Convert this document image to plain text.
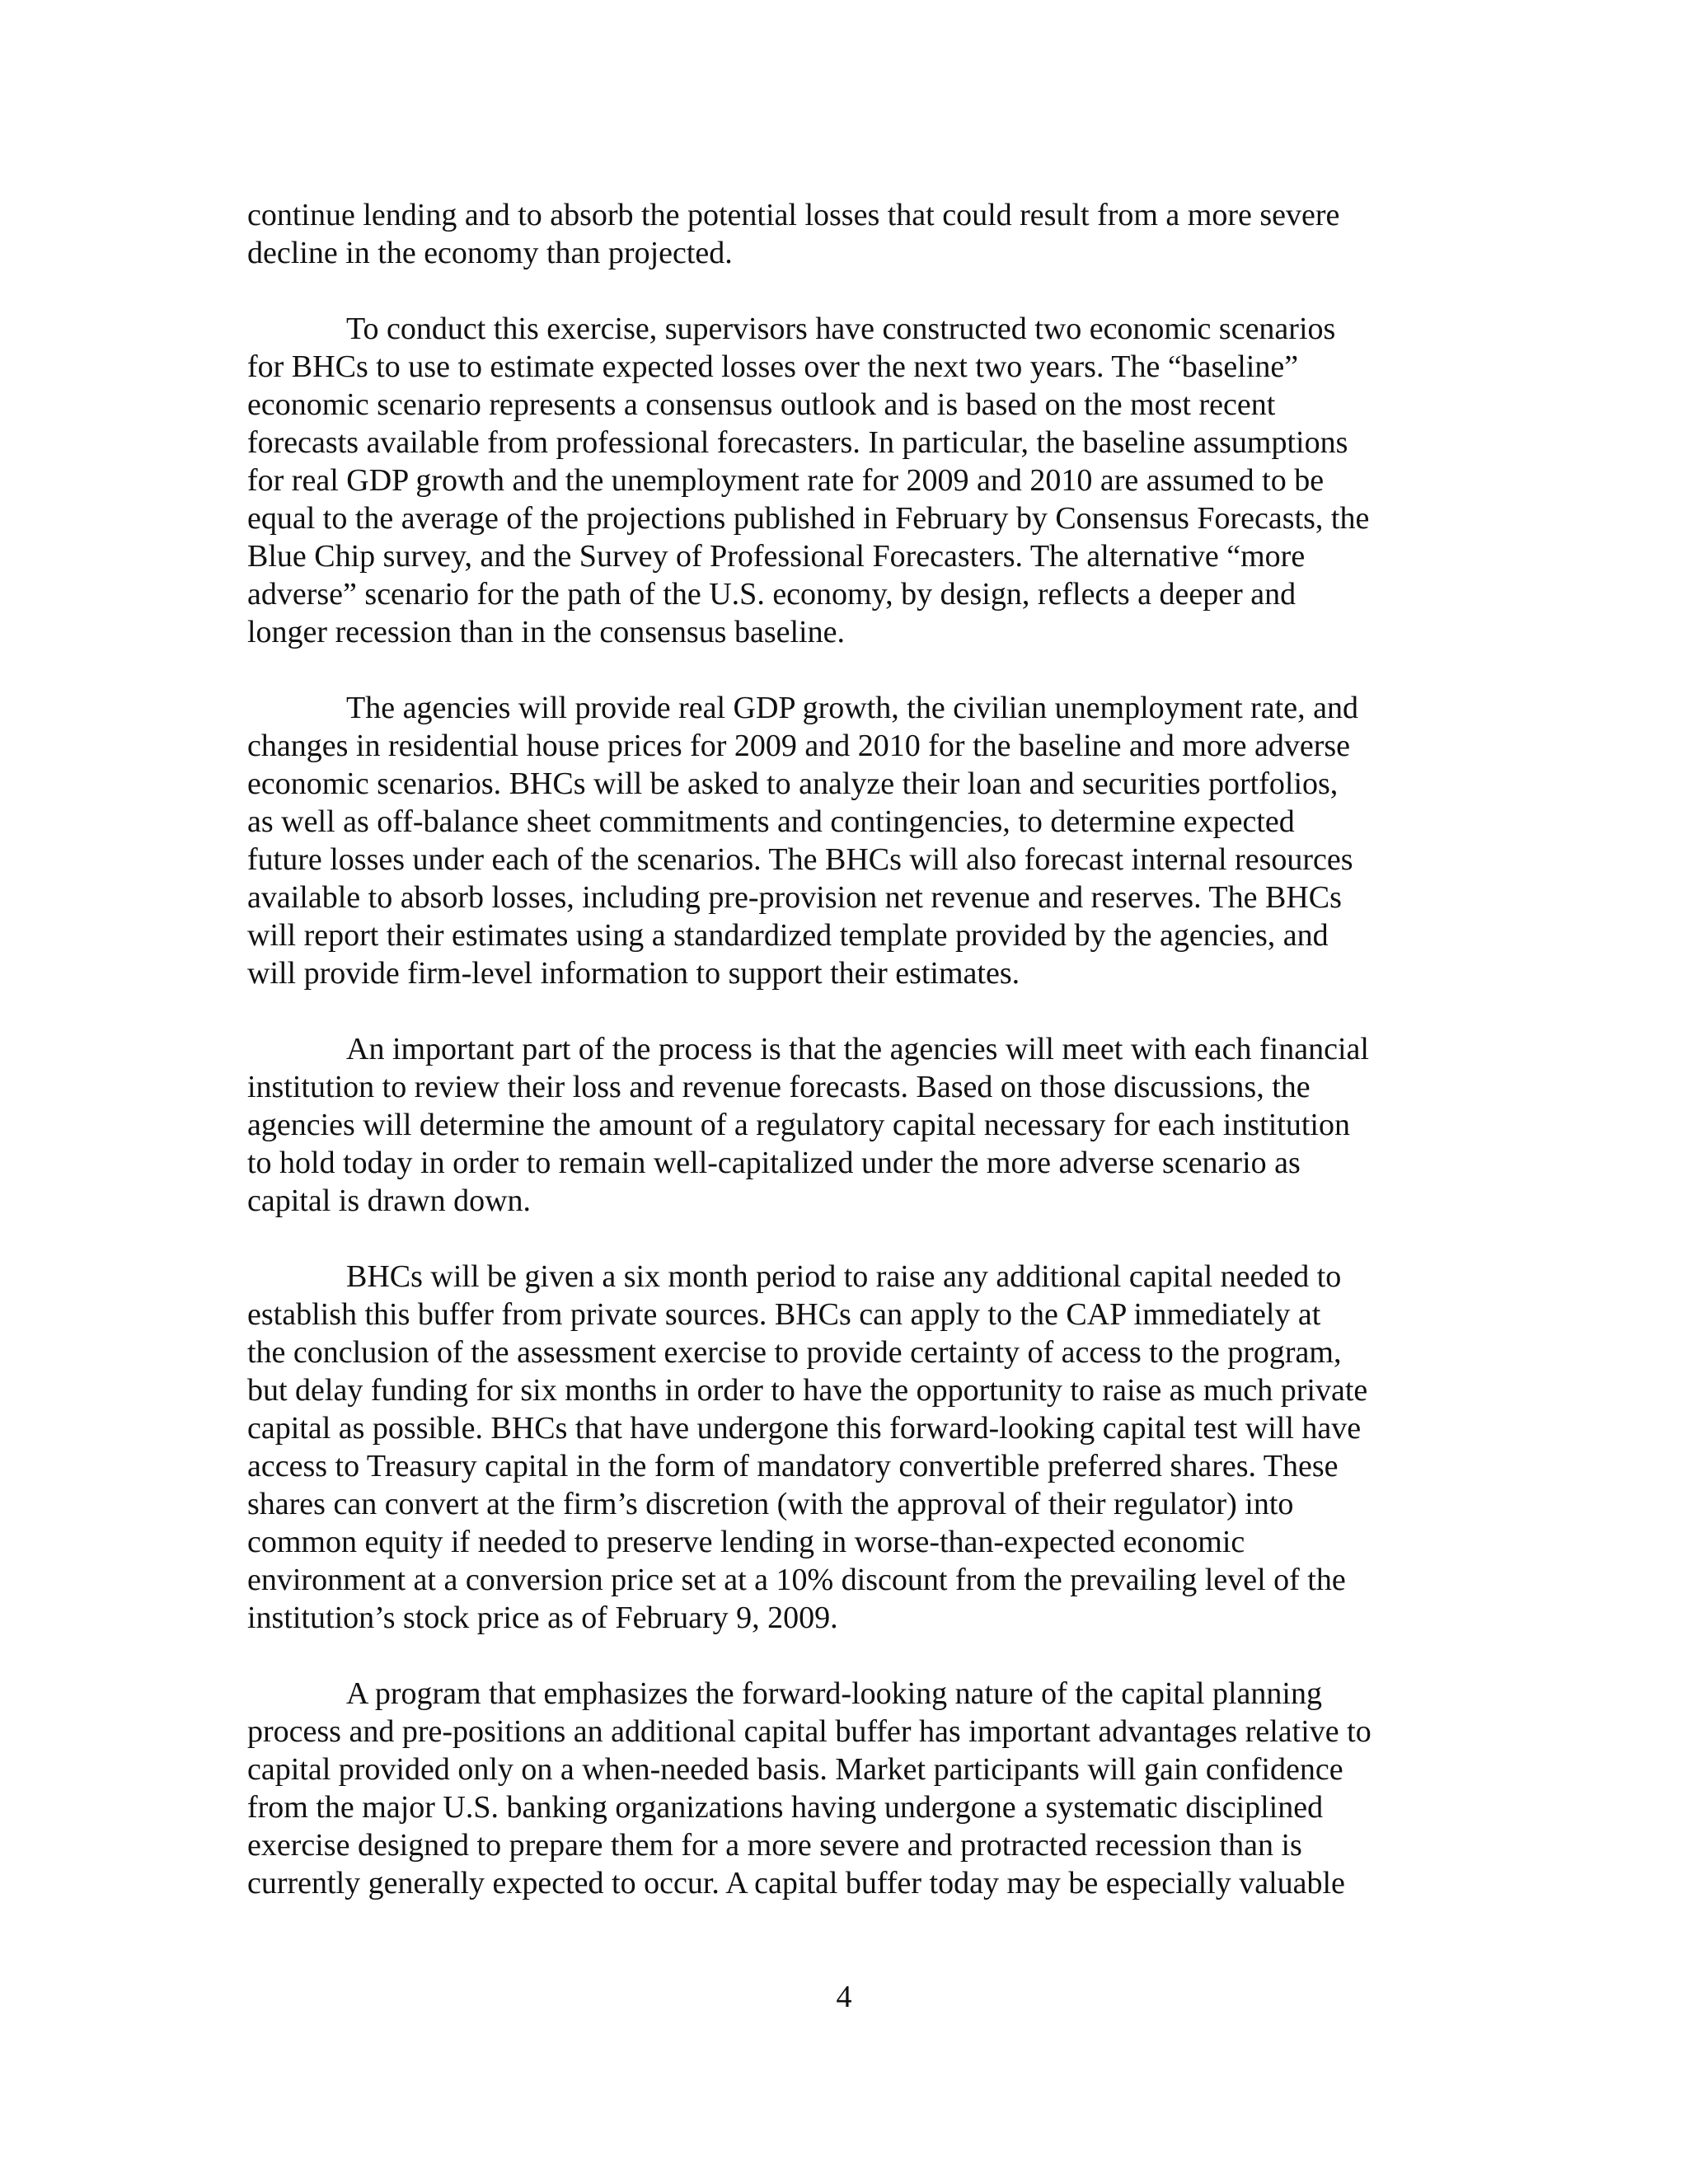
continue lending and to absorb the potential losses that could result from a more severe
decline in the economy than projected.

To conduct this exercise, supervisors have constructed two economic scenarios
for BHCs to use to estimate expected losses over the next two years. The “baseline”
economic scenario represents a consensus outlook and is based on the most recent
forecasts available from professional forecasters. In particular, the baseline assumptions
for real GDP growth and the unemployment rate for 2009 and 2010 are assumed to be
equal to the average of the projections published in February by Consensus Forecasts, the
Blue Chip survey, and the Survey of Professional Forecasters. The alternative “more
adverse” scenario for the path of the U.S. economy, by design, reflects a deeper and
longer recession than in the consensus baseline.

The agencies will provide real GDP growth, the civilian unemployment rate, and
changes in residential house prices for 2009 and 2010 for the baseline and more adverse
economic scenarios. BHCs will be asked to analyze their loan and securities portfolios,
as well as off-balance sheet commitments and contingencies, to determine expected
future losses under each of the scenarios. The BHCs will also forecast internal resources
available to absorb losses, including pre-provision net revenue and reserves. The BHCs
will report their estimates using a standardized template provided by the agencies, and
will provide firm-level information to support their estimates.

An important part of the process is that the agencies will meet with each financial
institution to review their loss and revenue forecasts. Based on those discussions, the
agencies will determine the amount of a regulatory capital necessary for each institution
to hold today in order to remain well-capitalized under the more adverse scenario as
capital is drawn down.

BHCs will be given a six month period to raise any additional capital needed to
establish this buffer from private sources. BHCs can apply to the CAP immediately at
the conclusion of the assessment exercise to provide certainty of access to the program,
but delay funding for six months in order to have the opportunity to raise as much private
capital as possible. BHCs that have undergone this forward-looking capital test will have
access to Treasury capital in the form of mandatory convertible preferred shares. These
shares can convert at the firm’s discretion (with the approval of their regulator) into
common equity if needed to preserve lending in worse-than-expected economic
environment at a conversion price set at a 10% discount from the prevailing level of the
institution’s stock price as of February 9, 2009.

A program that emphasizes the forward-looking nature of the capital planning
process and pre-positions an additional capital buffer has important advantages relative to
capital provided only on a when-needed basis. Market participants will gain confidence
from the major U.S. banking organizations having undergone a systematic disciplined
exercise designed to prepare them for a more severe and protracted recession than is
currently generally expected to occur. A capital buffer today may be especially valuable

4
